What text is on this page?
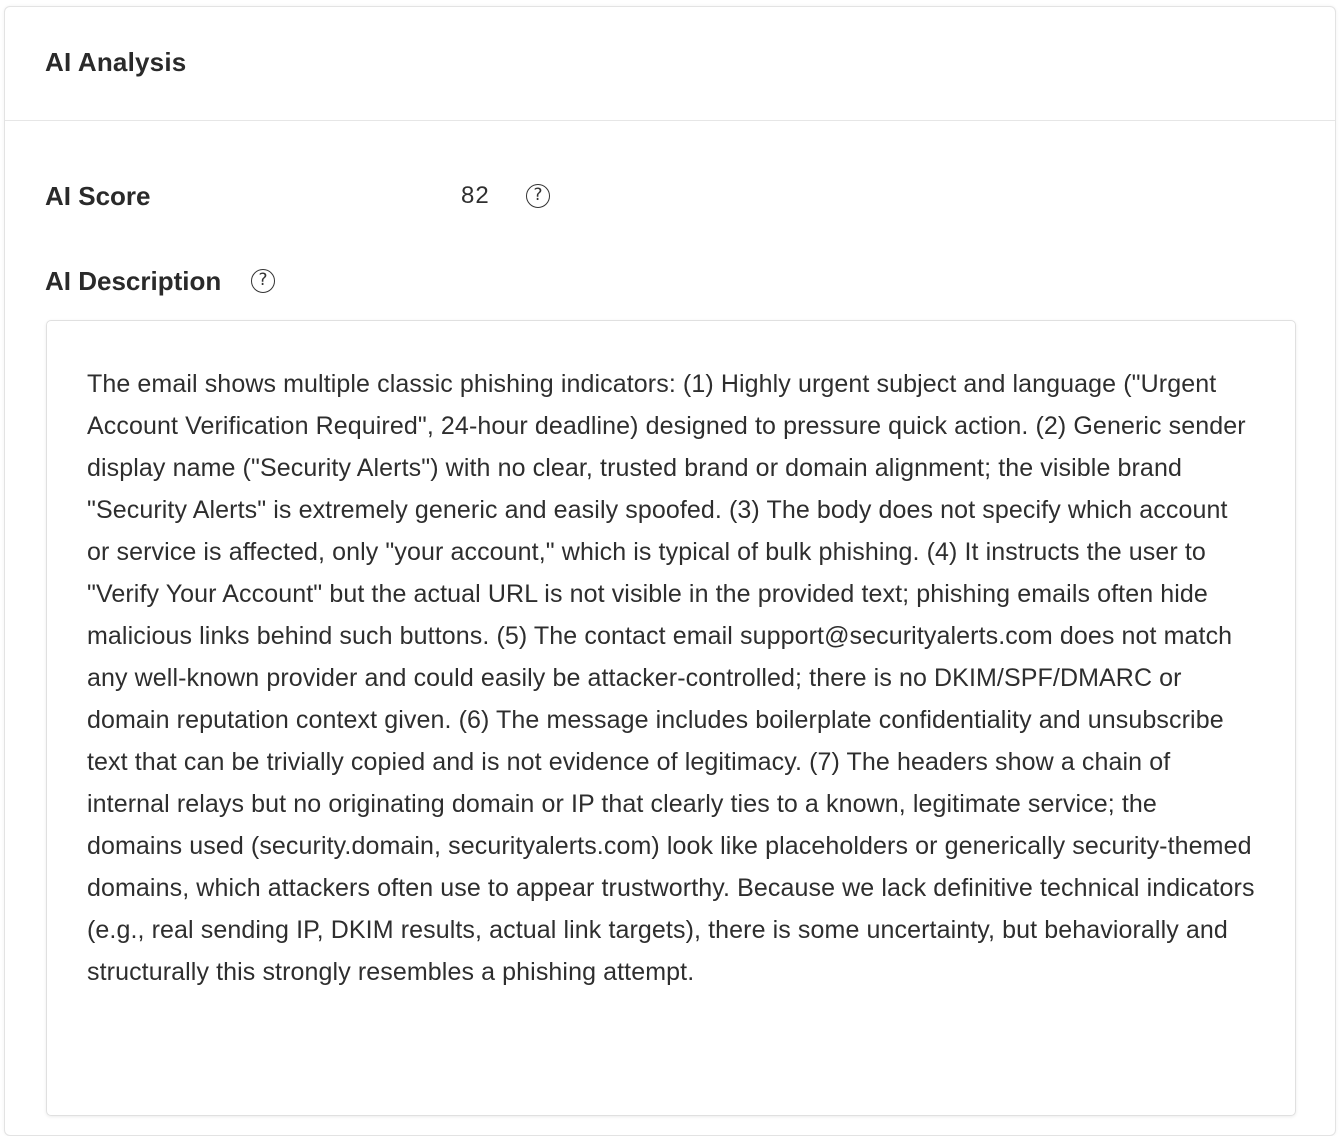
AI Analysis
AI Score	82	?
AI Description	?

The email shows multiple classic phishing indicators: (1) Highly urgent subject and language ("Urgent Account Verification Required", 24-hour deadline) designed to pressure quick action. (2) Generic sender display name ("Security Alerts") with no clear, trusted brand or domain alignment; the visible brand "Security Alerts" is extremely generic and easily spoofed. (3) The body does not specify which account or service is affected, only "your account," which is typical of bulk phishing. (4) It instructs the user to "Verify Your Account" but the actual URL is not visible in the provided text; phishing emails often hide malicious links behind such buttons. (5) The contact email support@securityalerts.com does not match any well-known provider and could easily be attacker-controlled; there is no DKIM/SPF/DMARC or domain reputation context given. (6) The message includes boilerplate confidentiality and unsubscribe text that can be trivially copied and is not evidence of legitimacy. (7) The headers show a chain of internal relays but no originating domain or IP that clearly ties to a known, legitimate service; the domains used (security.domain, securityalerts.com) look like placeholders or generically security-themed domains, which attackers often use to appear trustworthy. Because we lack definitive technical indicators (e.g., real sending IP, DKIM results, actual link targets), there is some uncertainty, but behaviorally and structurally this strongly resembles a phishing attempt.
